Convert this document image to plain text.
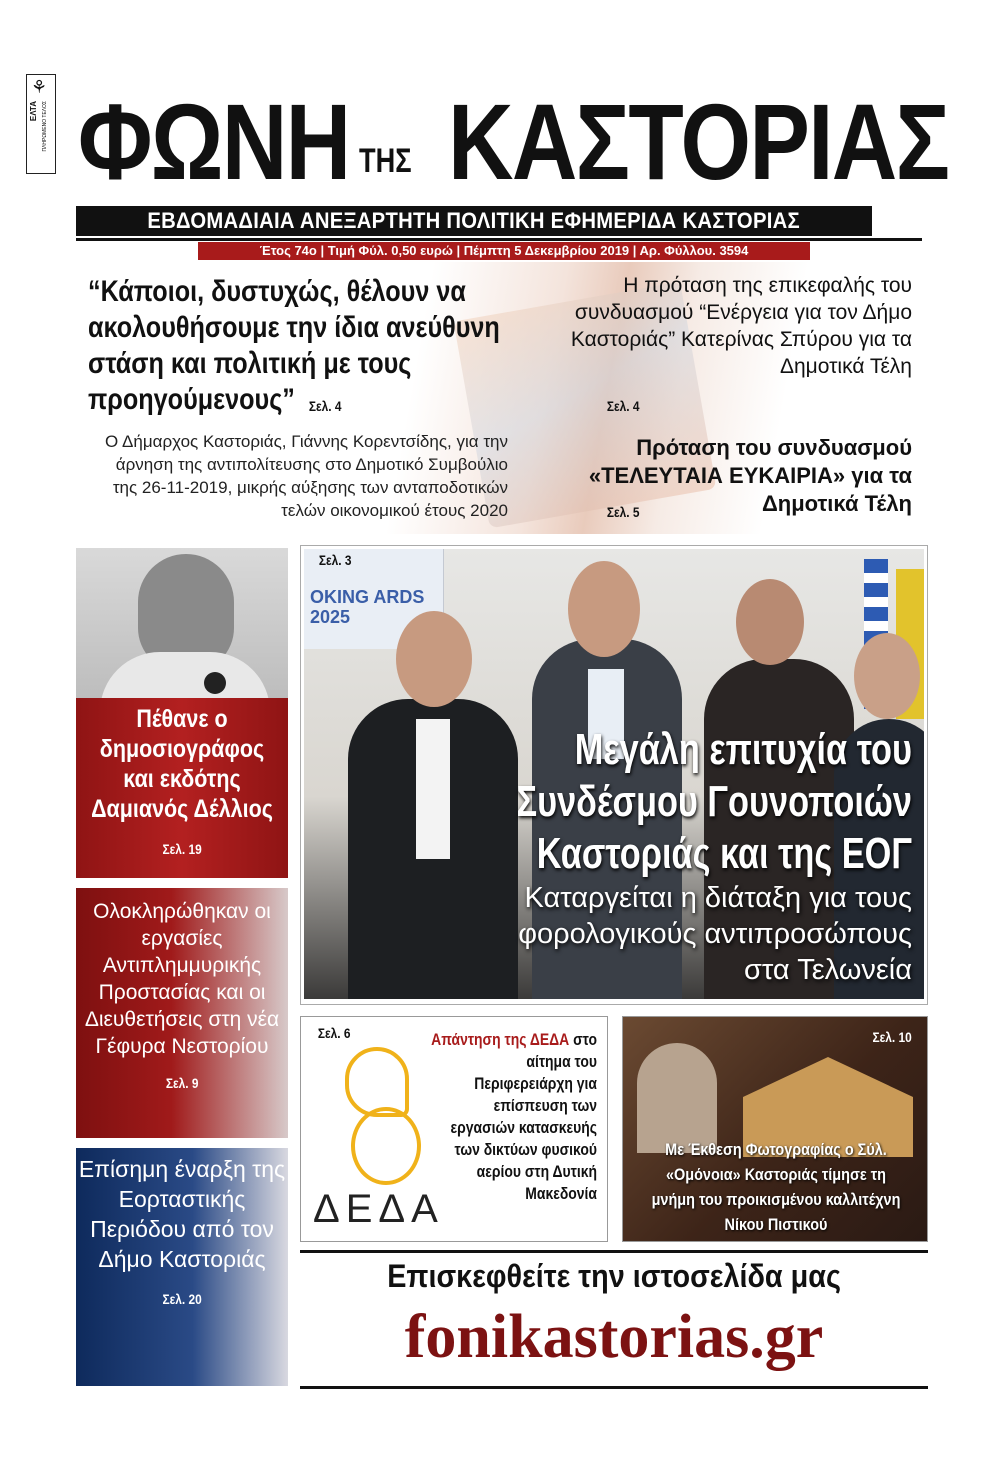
⚘
ΕΛΤΑ ΠΛΗΡΩΜΕΝΟ ΤΕΛΟΣ ΦΩΝΗ ΤΗΣ ΚΑΣΤΟΡΙΑΣ
ΕΒΔΟΜΑΔΙΑΙΑ ΑΝΕΞΑΡΤΗΤΗ ΠΟΛΙΤΙΚΗ ΕΦΗΜΕΡΙΔΑ ΚΑΣΤΟΡΙΑΣ
Έτος 74ο | Τιμή Φύλ. 0,50 ευρώ | Πέμπτη 5 Δεκεμβρίου 2019 | Αρ. Φύλλου. 3594
“Κάποιοι, δυστυχώς, θέλουν να ακολουθήσουμε την ίδια ανεύθυνη στάση και πολιτική με τους προηγούμενους” Σελ. 4
Ο Δήμαρχος Καστοριάς, Γιάννης Κορεντσίδης, για την άρνηση της αντιπολίτευσης στο Δημοτικό Συμβούλιο της 26-11-2019, μικρής αύξησης των ανταποδοτικών τελών οικονομικού έτους 2020
Η πρόταση της επικεφαλής του συνδυασμού “Ενέργεια για τον Δήμο Καστοριάς” Κατερίνας Σπύρου για τα Δημοτικά Τέλη
Σελ. 4
Πρόταση του συνδυασμού «ΤΕΛΕΥΤΑΙΑ ΕΥΚΑΙΡΙΑ» για τα Δημοτικά Τέλη
Σελ. 5
Πέθανε ο δημοσιογράφος και εκδότης Δαμιανός Δέλλιος
Σελ. 19
Ολοκληρώθηκαν οι εργασίες Αντιπλημμυρικής Προστασίας και οι Διευθετήσεις στη νέα Γέφυρα Νεστορίου
Σελ. 9
Επίσημη έναρξη της Εορταστικής Περιόδου από τον Δήμο Καστοριάς
Σελ. 20
OKING ARDS 2025
Σελ. 3
Μεγάλη επιτυχία του Συνδέσμου Γουνοποιών Καστοριάς και της ΕΟΓ
Καταργείται η διάταξη για τους φορολογικούς αντιπροσώπους στα Τελωνεία
Σελ. 6
ΔΕΔΑ
Απάντηση της ΔΕΔΑ στο αίτημα του Περιφερειάρχη για επίσπευση των εργασιών κατασκευής των δικτύων φυσικού αερίου στη Δυτική Μακεδονία
Σελ. 10
Με Έκθεση Φωτογραφίας ο Σύλ. «Ομόνοια» Καστοριάς τίμησε τη μνήμη του προικισμένου καλλιτέχνη Νίκου Πιστικού
Επισκεφθείτε την ιστοσελίδα μας
fonikastorias.gr
